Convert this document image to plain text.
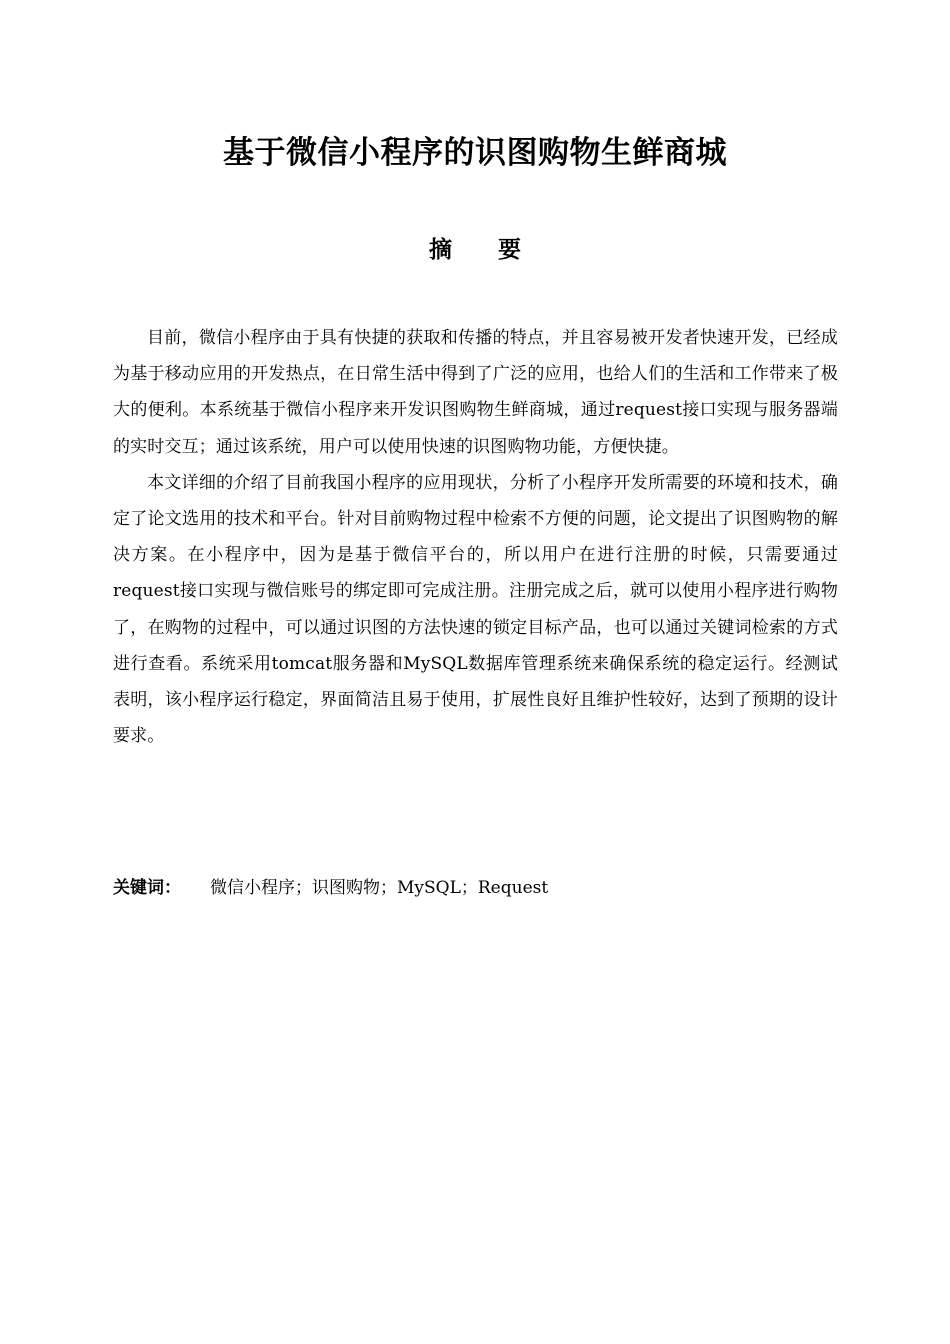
基于微信小程序的识图购物生鲜商城
摘　　要

目前，微信小程序由于具有快捷的获取和传播的特点，并且容易被开发者快速开发，已经成为基于移动应用的开发热点，在日常生活中得到了广泛的应用，也给人们的生活和工作带来了极大的便利。本系统基于微信小程序来开发识图购物生鲜商城，通过request接口实现与服务器端的实时交互；通过该系统，用户可以使用快速的识图购物功能，方便快捷。

本文详细的介绍了目前我国小程序的应用现状，分析了小程序开发所需要的环境和技术，确定了论文选用的技术和平台。针对目前购物过程中检索不方便的问题，论文提出了识图购物的解决方案。在小程序中，因为是基于微信平台的，所以用户在进行注册的时候，只需要通过request接口实现与微信账号的绑定即可完成注册。注册完成之后，就可以使用小程序进行购物了，在购物的过程中，可以通过识图的方法快速的锁定目标产品，也可以通过关键词检索的方式进行查看。系统采用tomcat服务器和MySQL数据库管理系统来确保系统的稳定运行。经测试表明，该小程序运行稳定，界面简洁且易于使用，扩展性良好且维护性较好，达到了预期的设计要求。

关键词： 微信小程序；识图购物；MySQL；Request
